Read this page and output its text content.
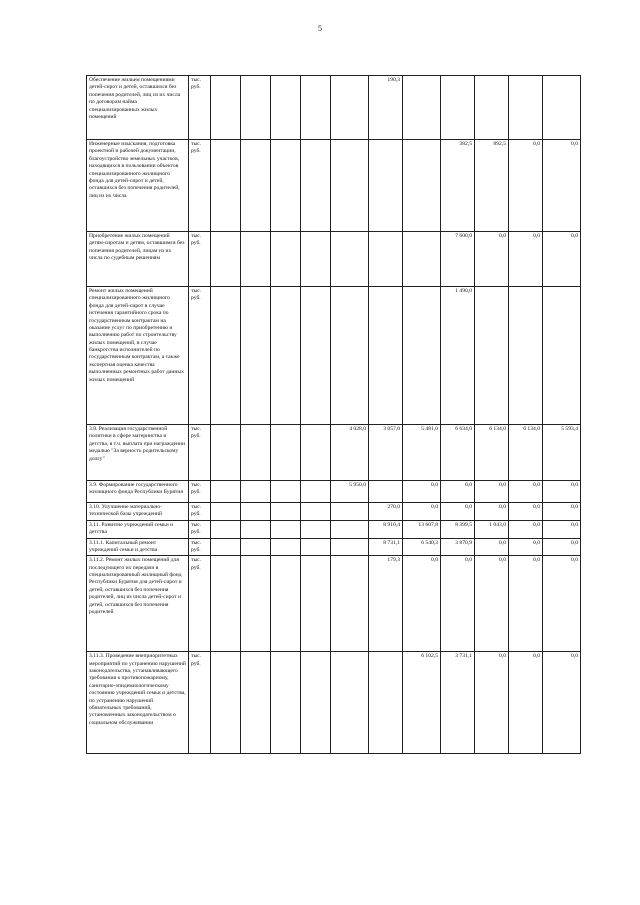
5
Обеспечение жильем помещениями детей-сирот и детей, оставшихся без попечения родителей, лиц из их числа по договорам найма специализированных жилых помещений	тыс. руб.						190,3					
Инженерные изыскания, подготовка проектной и рабочей документации, благоустройство земельных участков, находящихся в пользовании объектов специализированного жилищного фонда для детей-сирот и детей, оставшихся без попечения родителей, лиц из их числа	тыс. руб.								382,5	892,5	0,0	0,0
Приобретение жилых помещений детям-сиротам и детям, оставшимся без попечения родителей, лицам из их числа по судебным решениям	тыс. руб.								7 600,0	0,0	0,0	0,0
Ремонт жилых помещений специализированного жилищного фонда для детей-сирот в случае истечения гарантийного срока по государственным контрактам на оказание услуг по приобретению и выполнению работ по строительству жилых помещений, в случае банкротства исполнителей по государственным контрактам, а также экспертная оценка качества выполненных ремонтных работ данных жилых помещений	тыс. руб.								1 490,0			
3.8. Реализация государственной политики в сфере материнства и детства, в т.ч. выплата при награждении медалью "За верность родительскому долгу"	тыс. руб.					4 028,0	3 057,0	5 481,0	6 634,0	6 134,0	6 134,0	5 593,4
3.9. Формирование государственного жилищного фонда Республики Бурятия	тыс. руб.					5 950,0		0,0	0,0	0,0	0,0	0,0
3.10. Улучшение материально-технической базы учреждений	тыс. руб.						270,0	0,0	0,0	0,0	0,0	0,0
3.11. Развитие учреждений семьи и детства	тыс. руб.						8 910,4	13 607,8	8 399,5	1 043,0	0,0	0,0
3.11.1. Капитальный ремонт учреждений семьи и детства	тыс. руб.						8 731,1	6 540,3	3 870,9	0,0	0,0	0,0
3.11.2. Ремонт жилых помещений для последующего их передачи в специализированный жилищный фонд Республики Бурятия для детей-сирот и детей, оставшихся без попечения родителей, лиц из числа детей-сирот и детей, оставшихся без попечения родителей	тыс. руб.						179,3	0,0	0,0	0,0	0,0	0,0
3.11.3. Проведение внеприоритетных мероприятий по устранению нарушений законодательства, устанавливающего требования к противопожарному, санитарно-эпидемиологическому состоянию учреждений семьи и детства, по устранению нарушений обязательных требований, установленных законодательством о социальном обслуживании	тыс. руб.							6 102,5	3 731,1	0,0	0,0	0,0
